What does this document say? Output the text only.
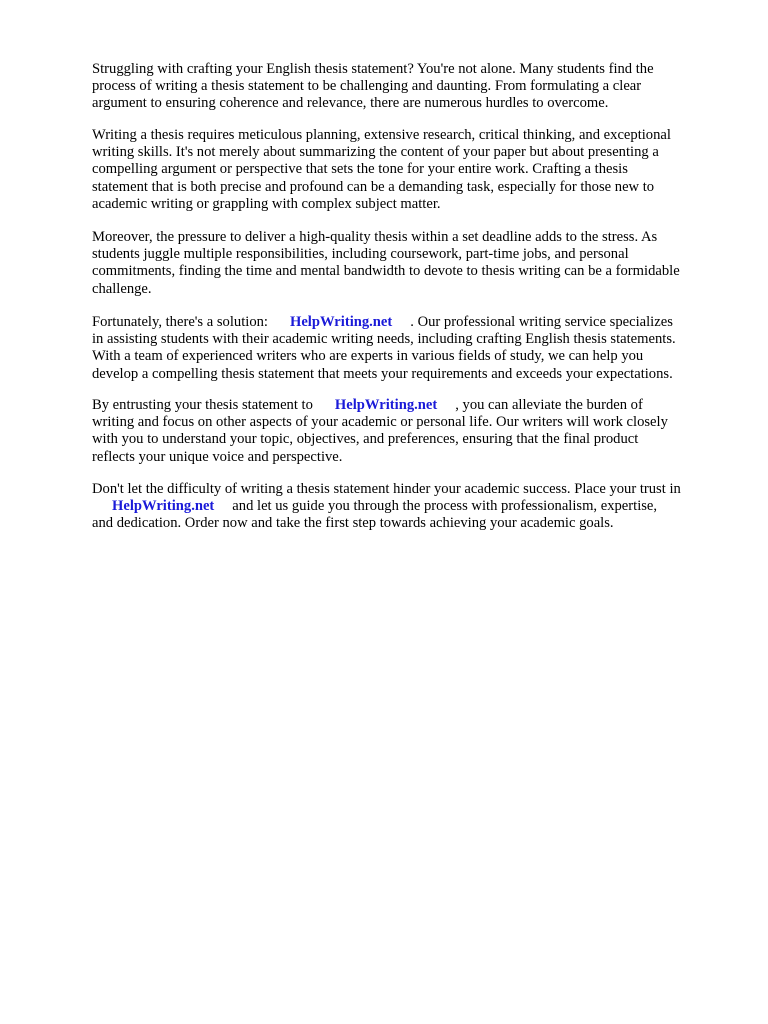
Struggling with crafting your English thesis statement? You're not alone. Many students find the
process of writing a thesis statement to be challenging and daunting. From formulating a clear
argument to ensuring coherence and relevance, there are numerous hurdles to overcome.

Writing a thesis requires meticulous planning, extensive research, critical thinking, and exceptional
writing skills. It's not merely about summarizing the content of your paper but about presenting a
compelling argument or perspective that sets the tone for your entire work. Crafting a thesis
statement that is both precise and profound can be a demanding task, especially for those new to
academic writing or grappling with complex subject matter.

Moreover, the pressure to deliver a high-quality thesis within a set deadline adds to the stress. As
students juggle multiple responsibilities, including coursework, part-time jobs, and personal
commitments, finding the time and mental bandwidth to devote to thesis writing can be a formidable
challenge.

Fortunately, there's a solution: HelpWriting.net . Our professional writing service specializes
in assisting students with their academic writing needs, including crafting English thesis statements.
With a team of experienced writers who are experts in various fields of study, we can help you
develop a compelling thesis statement that meets your requirements and exceeds your expectations.

By entrusting your thesis statement to HelpWriting.net , you can alleviate the burden of
writing and focus on other aspects of your academic or personal life. Our writers will work closely
with you to understand your topic, objectives, and preferences, ensuring that the final product
reflects your unique voice and perspective.

Don't let the difficulty of writing a thesis statement hinder your academic success. Place your trust in
HelpWriting.net and let us guide you through the process with professionalism, expertise,
and dedication. Order now and take the first step towards achieving your academic goals.
